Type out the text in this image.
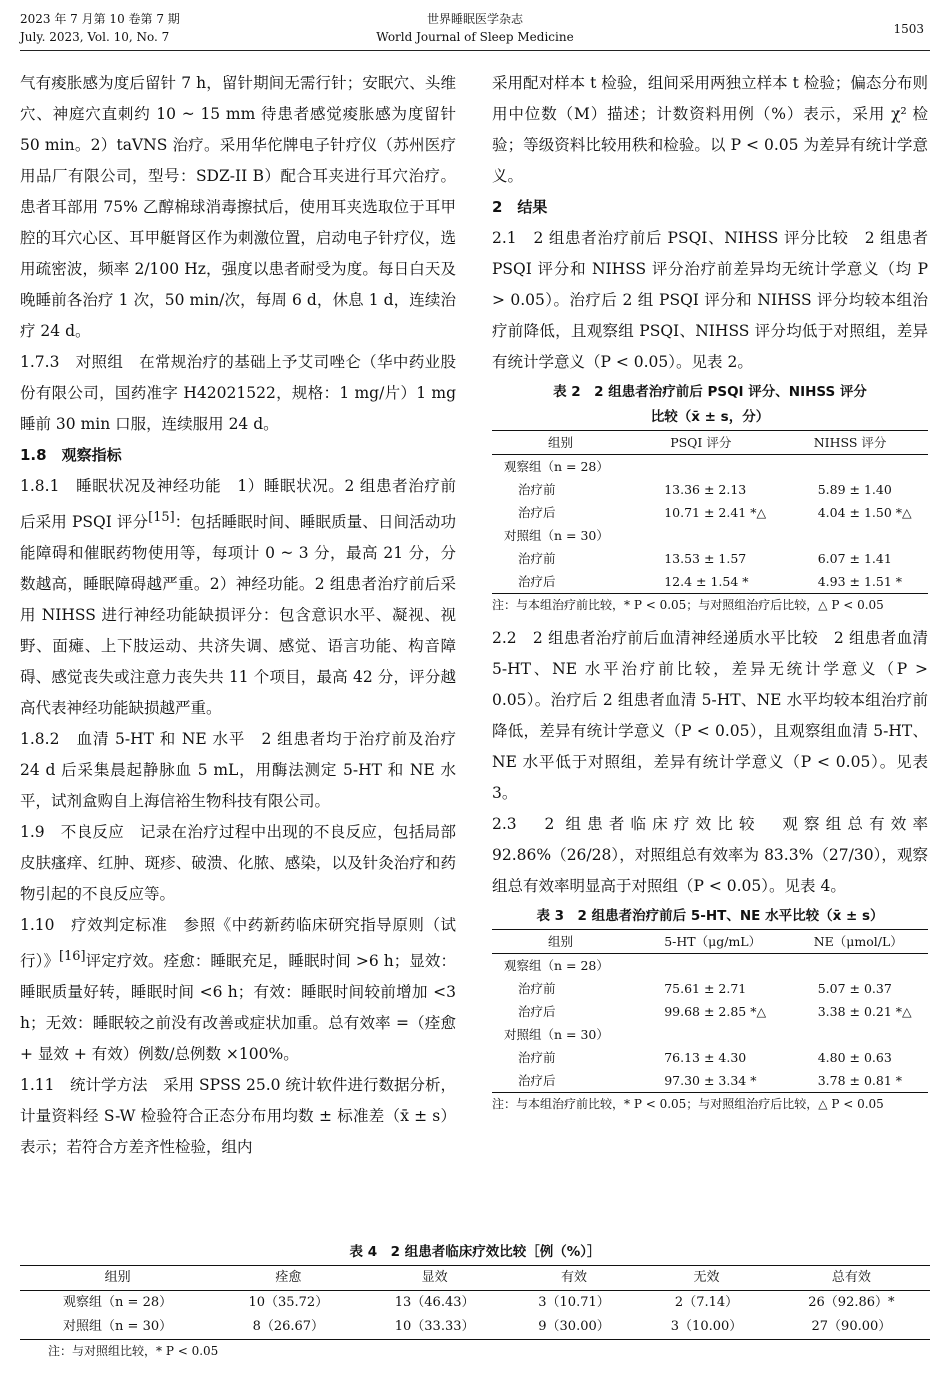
2023 年 7 月第 10 卷第 7 期
July. 2023, Vol. 10, No. 7
世界睡眠医学杂志
World Journal of Sleep Medicine
1503

气有痠胀感为度后留针 7 h，留针期间无需行针；安眠穴、头维穴、神庭穴直刺约 10 ~ 15 mm 待患者感觉痠胀感为度留针 50 min。2）taVNS 治疗。采用华佗牌电子针疗仪（苏州医疗用品厂有限公司，型号：SDZ-II B）配合耳夹进行耳穴治疗。患者耳部用 75% 乙醇棉球消毒擦拭后，使用耳夹选取位于耳甲腔的耳穴心区、耳甲艇肾区作为刺激位置，启动电子针疗仪，选用疏密波，频率 2/100 Hz，强度以患者耐受为度。每日白天及晚睡前各治疗 1 次，50 min/次，每周 6 d，休息 1 d，连续治疗 24 d。

1.7.3　对照组　在常规治疗的基础上予艾司唑仑（华中药业股份有限公司，国药准字 H42021522，规格：1 mg/片）1 mg 睡前 30 min 口服，连续服用 24 d。

1.8　观察指标

1.8.1　睡眠状况及神经功能　1）睡眠状况。2 组患者治疗前后采用 PSQI 评分[15]：包括睡眠时间、睡眠质量、日间活动功能障碍和催眠药物使用等，每项计 0 ~ 3 分，最高 21 分，分数越高，睡眠障碍越严重。2）神经功能。2 组患者治疗前后采用 NIHSS 进行神经功能缺损评分：包含意识水平、凝视、视野、面瘫、上下肢运动、共济失调、感觉、语言功能、构音障碍、感觉丧失或注意力丧失共 11 个项目，最高 42 分，评分越高代表神经功能缺损越严重。

1.8.2　血清 5-HT 和 NE 水平　2 组患者均于治疗前及治疗 24 d 后采集晨起静脉血 5 mL，用酶法测定 5-HT 和 NE 水平，试剂盒购自上海信裕生物科技有限公司。

1.9　不良反应　记录在治疗过程中出现的不良反应，包括局部皮肤瘙痒、红肿、斑疹、破溃、化脓、感染，以及针灸治疗和药物引起的不良反应等。

1.10　疗效判定标准　参照《中药新药临床研究指导原则（试行）》[16]评定疗效。痊愈：睡眠充足，睡眠时间 >6 h；显效：睡眠质量好转，睡眠时间 <6 h；有效：睡眠时间较前增加 <3 h；无效：睡眠较之前没有改善或症状加重。总有效率 =（痊愈 + 显效 + 有效）例数/总例数 ×100%。

1.11　统计学方法　采用 SPSS 25.0 统计软件进行数据分析，计量资料经 S-W 检验符合正态分布用均数 ± 标准差（x̄ ± s）表示；若符合方差齐性检验，组内

采用配对样本 t 检验，组间采用两独立样本 t 检验；偏态分布则用中位数（M）描述；计数资料用例（%）表示，采用 χ² 检验；等级资料比较用秩和检验。以 P < 0.05 为差异有统计学意义。

2　结果

2.1　2 组患者治疗前后 PSQI、NIHSS 评分比较　2 组患者 PSQI 评分和 NIHSS 评分治疗前差异均无统计学意义（均 P > 0.05）。治疗后 2 组 PSQI 评分和 NIHSS 评分均较本组治疗前降低，且观察组 PSQI、NIHSS 评分均低于对照组，差异有统计学意义（P < 0.05）。见表 2。

表 2　2 组患者治疗前后 PSQI 评分、NIHSS 评分
比较（x̄ ± s，分）
组别	PSQI 评分	NIHSS 评分
观察组（n = 28）		
治疗前	13.36 ± 2.13	5.89 ± 1.40
治疗后	10.71 ± 2.41 *△	4.04 ± 1.50 *△
对照组（n = 30）		
治疗前	13.53 ± 1.57	6.07 ± 1.41
治疗后	12.4 ± 1.54 *	4.93 ± 1.51 *
注：与本组治疗前比较，* P < 0.05；与对照组治疗后比较，△ P < 0.05

2.2　2 组患者治疗前后血清神经递质水平比较　2 组患者血清 5-HT、NE 水平治疗前比较，差异无统计学意义（P > 0.05）。治疗后 2 组患者血清 5-HT、NE 水平均较本组治疗前降低，差异有统计学意义（P < 0.05），且观察组血清 5-HT、NE 水平低于对照组，差异有统计学意义（P < 0.05）。见表 3。

2.3　2 组患者临床疗效比较　观察组总有效率 92.86%（26/28），对照组总有效率为 83.3%（27/30），观察组总有效率明显高于对照组（P < 0.05）。见表 4。

表 3　2 组患者治疗前后 5-HT、NE 水平比较（x̄ ± s）
组别	5-HT（μg/mL）	NE（μmol/L）
观察组（n = 28）		
治疗前	75.61 ± 2.71	5.07 ± 0.37
治疗后	99.68 ± 2.85 *△	3.38 ± 0.21 *△
对照组（n = 30）		
治疗前	76.13 ± 4.30	4.80 ± 0.63
治疗后	97.30 ± 3.34 *	3.78 ± 0.81 *
注：与本组治疗前比较，* P < 0.05；与对照组治疗后比较，△ P < 0.05
表 4　2 组患者临床疗效比较［例（%）］
组别	痊愈	显效	有效	无效	总有效
观察组（n = 28）	10（35.72）	13（46.43）	3（10.71）	2（7.14）	26（92.86）*
对照组（n = 30）	8（26.67）	10（33.33）	9（30.00）	3（10.00）	27（90.00）
注：与对照组比较，* P < 0.05
